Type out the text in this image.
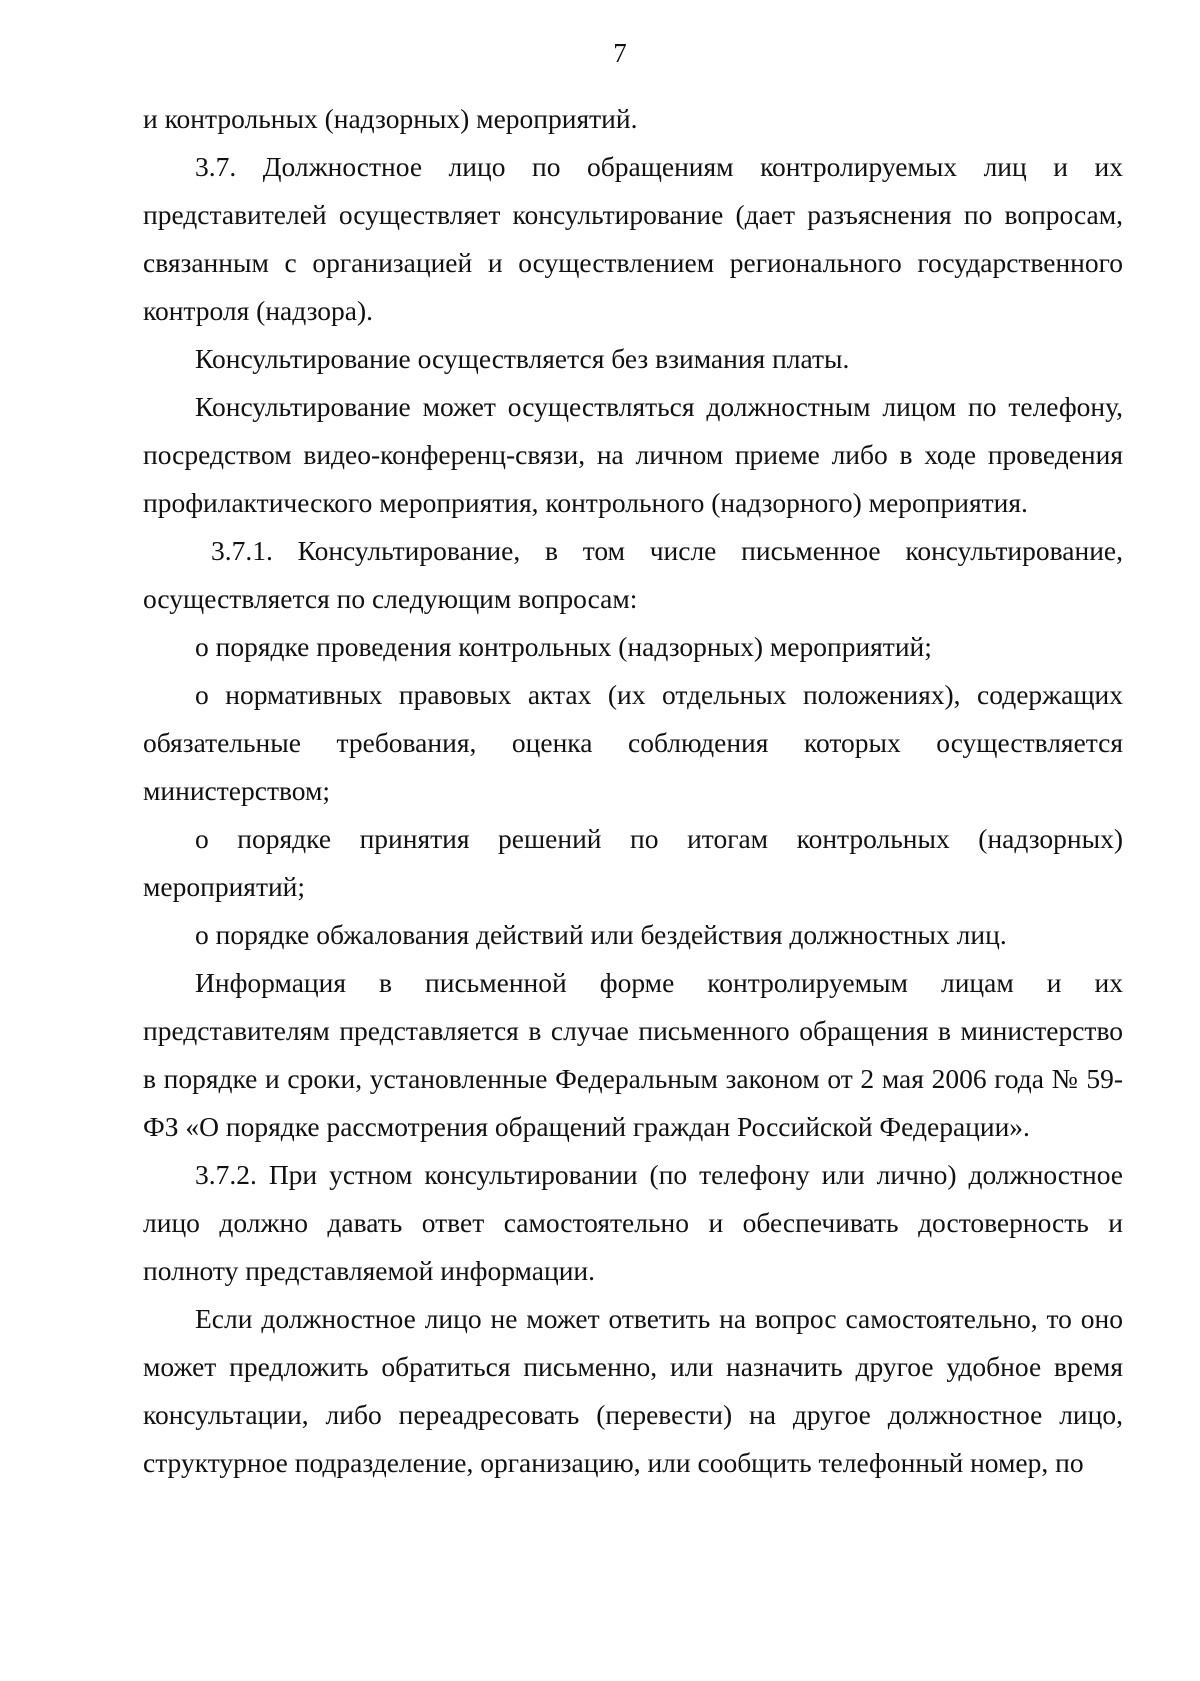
7

и контрольных (надзорных) мероприятий.

3.7. Должностное лицо по обращениям контролируемых лиц и их представителей осуществляет консультирование (дает разъяснения по вопросам, связанным с организацией и осуществлением регионального государственного контроля (надзора).

Консультирование осуществляется без взимания платы.

Консультирование может осуществляться должностным лицом по телефону, посредством видео-конференц-связи, на личном приеме либо в ходе проведения профилактического мероприятия, контрольного (надзорного) мероприятия.

3.7.1. Консультирование, в том числе письменное консультирование, осуществляется по следующим вопросам:

о порядке проведения контрольных (надзорных) мероприятий;

о нормативных правовых актах (их отдельных положениях), содержащих обязательные требования, оценка соблюдения которых осуществляется министерством;

о порядке принятия решений по итогам контрольных (надзорных) мероприятий;

о порядке обжалования действий или бездействия должностных лиц.

Информация в письменной форме контролируемым лицам и их представителям представляется в случае письменного обращения в министерство в порядке и сроки, установленные Федеральным законом от 2 мая 2006 года № 59-ФЗ «О порядке рассмотрения обращений граждан Российской Федерации».

3.7.2. При устном консультировании (по телефону или лично) должностное лицо должно давать ответ самостоятельно и обеспечивать достоверность и полноту представляемой информации.

Если должностное лицо не может ответить на вопрос самостоятельно, то оно может предложить обратиться письменно, или назначить другое удобное время консультации, либо переадресовать (перевести) на другое должностное лицо, структурное подразделение, организацию, или сообщить телефонный номер, по
